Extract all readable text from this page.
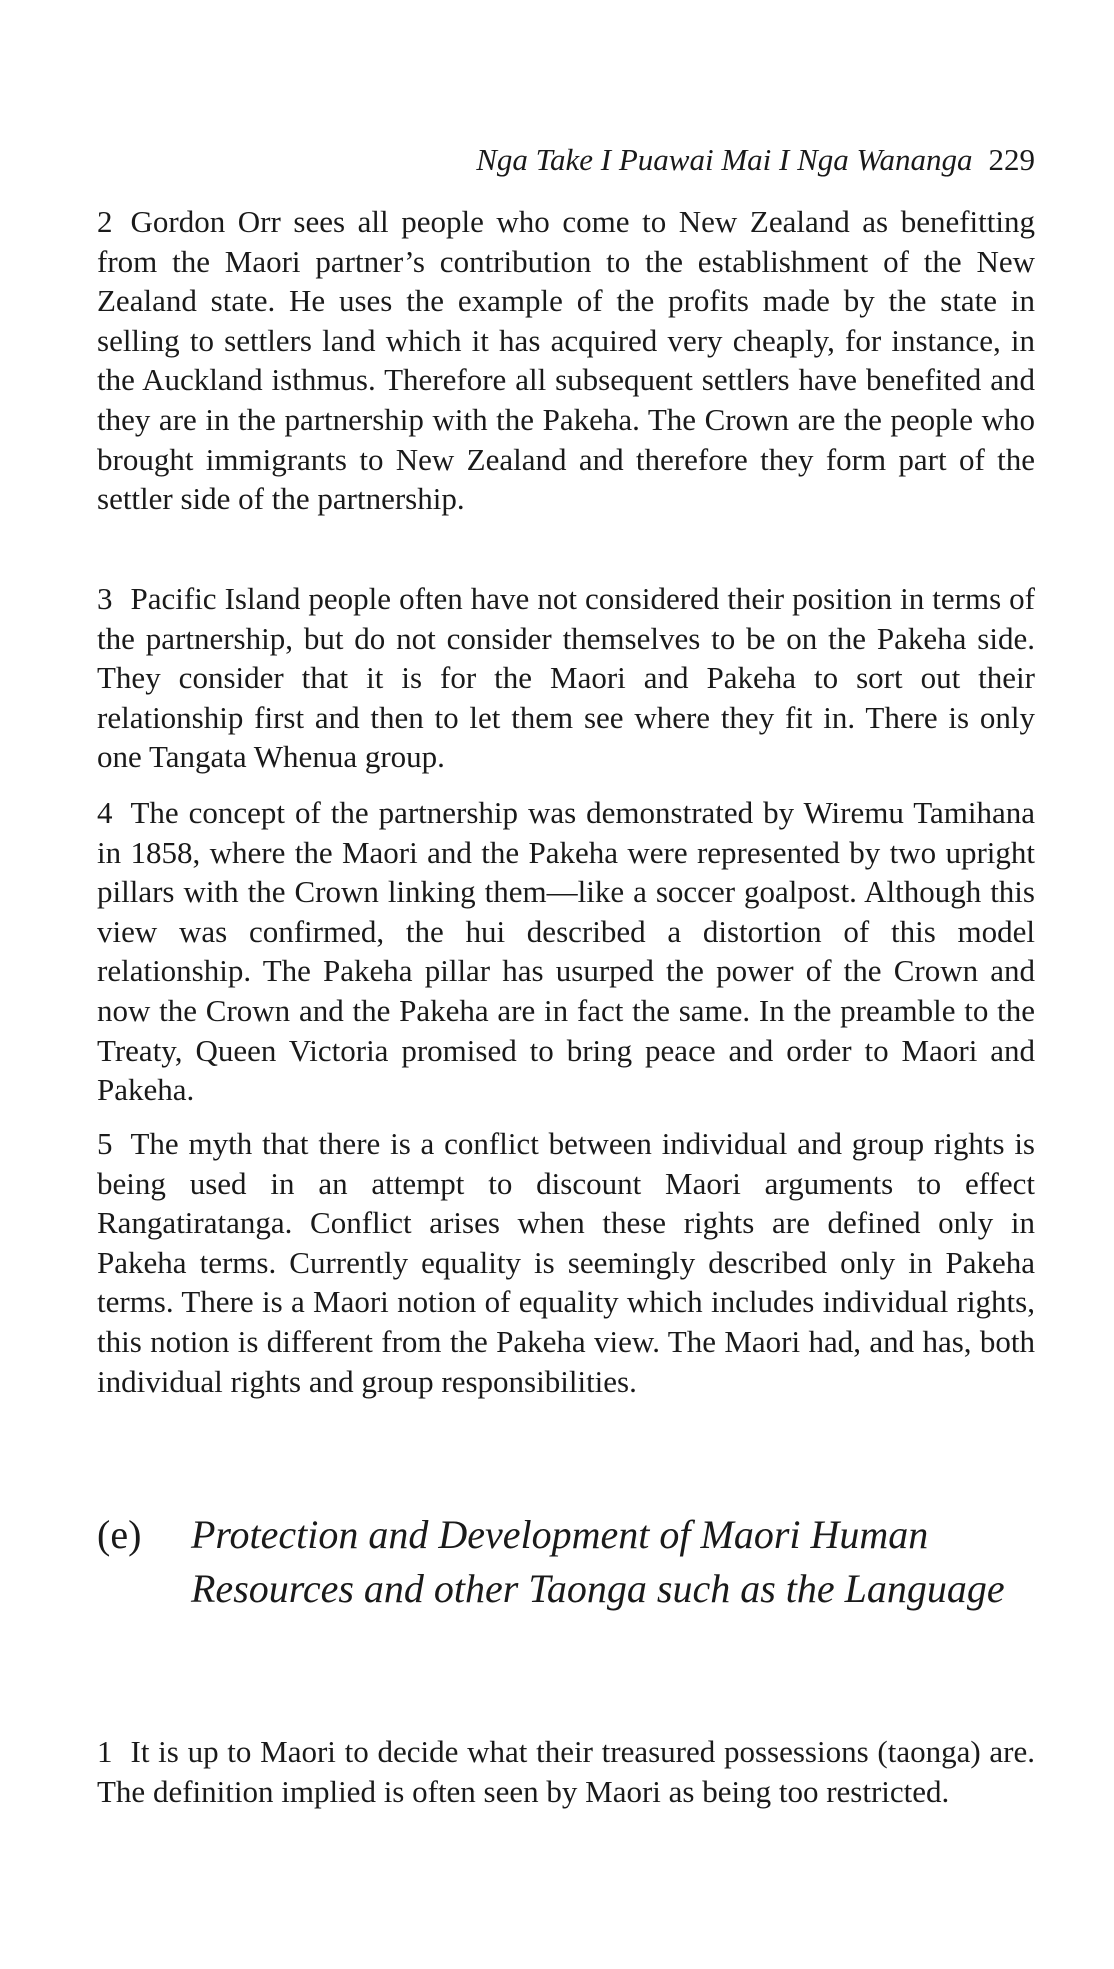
Nga Take I Puawai Mai I Nga Wananga 229

2 Gordon Orr sees all people who come to New Zealand as benefitting from the Maori partner’s contribution to the establishment of the New Zealand state. He uses the example of the profits made by the state in selling to settlers land which it has acquired very cheaply, for instance, in the Auckland isthmus. Therefore all subsequent settlers have benefited and they are in the partnership with the Pakeha. The Crown are the people who brought immigrants to New Zealand and therefore they form part of the settler side of the partnership.

3 Pacific Island people often have not considered their position in terms of the partnership, but do not consider themselves to be on the Pakeha side. They consider that it is for the Maori and Pakeha to sort out their relationship first and then to let them see where they fit in. There is only one Tangata Whenua group.

4 The concept of the partnership was demonstrated by Wiremu Tamihana in 1858, where the Maori and the Pakeha were represented by two upright pillars with the Crown linking them—like a soccer goalpost. Although this view was confirmed, the hui described a distortion of this model relationship. The Pakeha pillar has usurped the power of the Crown and now the Crown and the Pakeha are in fact the same. In the preamble to the Treaty, Queen Victoria promised to bring peace and order to Maori and Pakeha.

5 The myth that there is a conflict between individual and group rights is being used in an attempt to discount Maori arguments to effect Rangatiratanga. Conflict arises when these rights are defined only in Pakeha terms. Currently equality is seemingly described only in Pakeha terms. There is a Maori notion of equality which includes individual rights, this notion is different from the Pakeha view. The Maori had, and has, both individual rights and group responsibilities.

(e) Protection and Development of Maori Human Resources and other Taonga such as the Language

1 It is up to Maori to decide what their treasured possessions (taonga) are. The definition implied is often seen by Maori as being too restricted.
